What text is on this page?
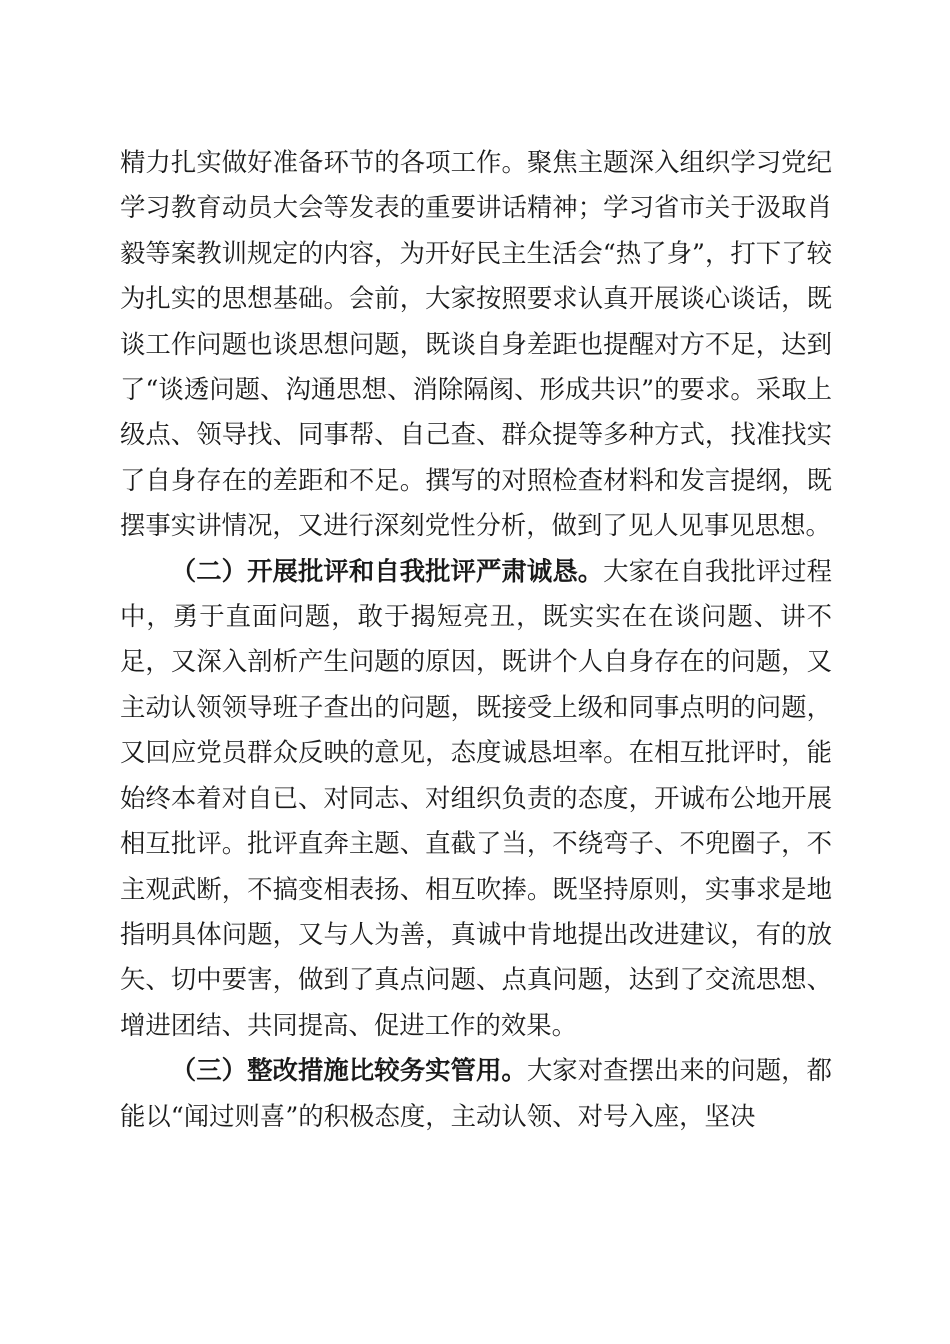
精力扎实做好准备环节的各项工作。聚焦主题深入组织学习党纪学习教育动员大会等发表的重要讲话精神；学习省市关于汲取肖毅等案教训规定的内容，为开好民主生活会“热了身”，打下了较为扎实的思想基础。会前，大家按照要求认真开展谈心谈话，既谈工作问题也谈思想问题，既谈自身差距也提醒对方不足，达到了“谈透问题、沟通思想、消除隔阂、形成共识”的要求。采取上级点、领导找、同事帮、自己查、群众提等多种方式，找准找实了自身存在的差距和不足。撰写的对照检查材料和发言提纲，既摆事实讲情况，又进行深刻党性分析，做到了见人见事见思想。

（二）开展批评和自我批评严肃诚恳。大家在自我批评过程中，勇于直面问题，敢于揭短亮丑，既实实在在谈问题、讲不足，又深入剖析产生问题的原因，既讲个人自身存在的问题，又主动认领领导班子查出的问题，既接受上级和同事点明的问题，又回应党员群众反映的意见，态度诚恳坦率。在相互批评时，能始终本着对自已、对同志、对组织负责的态度，开诚布公地开展相互批评。批评直奔主题、直截了当，不绕弯子、不兜圈子，不主观武断，不搞变相表扬、相互吹捧。既坚持原则，实事求是地指明具体问题，又与人为善，真诚中肯地提出改进建议，有的放矢、切中要害，做到了真点问题、点真问题，达到了交流思想、增进团结、共同提高、促进工作的效果。

（三）整改措施比较务实管用。大家对查摆出来的问题，都能以“闻过则喜”的积极态度，主动认领、对号入座，坚决
